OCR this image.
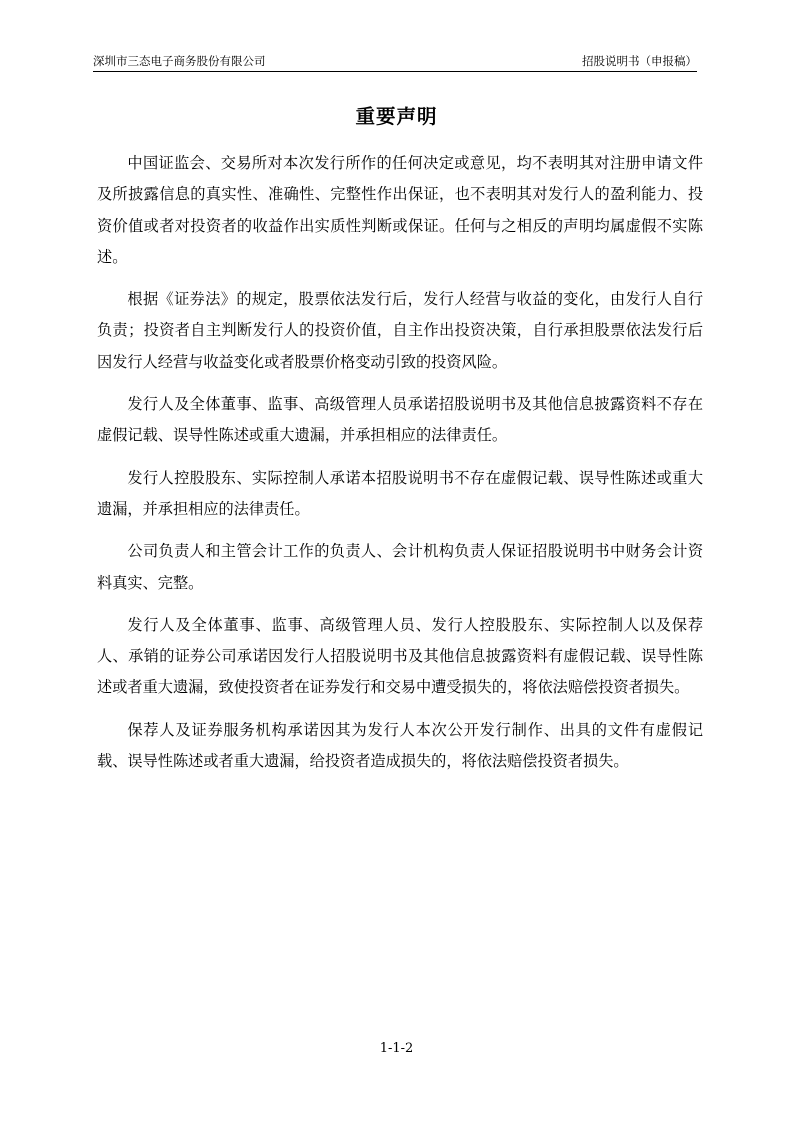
深圳市三态电子商务股份有限公司	招股说明书（申报稿）
重要声明

中国证监会、交易所对本次发行所作的任何决定或意见，均不表明其对注册申请文件及所披露信息的真实性、准确性、完整性作出保证，也不表明其对发行人的盈利能力、投资价值或者对投资者的收益作出实质性判断或保证。任何与之相反的声明均属虚假不实陈述。

根据《证券法》的规定，股票依法发行后，发行人经营与收益的变化，由发行人自行负责；投资者自主判断发行人的投资价值，自主作出投资决策，自行承担股票依法发行后因发行人经营与收益变化或者股票价格变动引致的投资风险。

发行人及全体董事、监事、高级管理人员承诺招股说明书及其他信息披露资料不存在虚假记载、误导性陈述或重大遗漏，并承担相应的法律责任。

发行人控股股东、实际控制人承诺本招股说明书不存在虚假记载、误导性陈述或重大遗漏，并承担相应的法律责任。

公司负责人和主管会计工作的负责人、会计机构负责人保证招股说明书中财务会计资料真实、完整。

发行人及全体董事、监事、高级管理人员、发行人控股股东、实际控制人以及保荐人、承销的证券公司承诺因发行人招股说明书及其他信息披露资料有虚假记载、误导性陈述或者重大遗漏，致使投资者在证券发行和交易中遭受损失的，将依法赔偿投资者损失。

保荐人及证券服务机构承诺因其为发行人本次公开发行制作、出具的文件有虚假记载、误导性陈述或者重大遗漏，给投资者造成损失的，将依法赔偿投资者损失。

1-1-2
